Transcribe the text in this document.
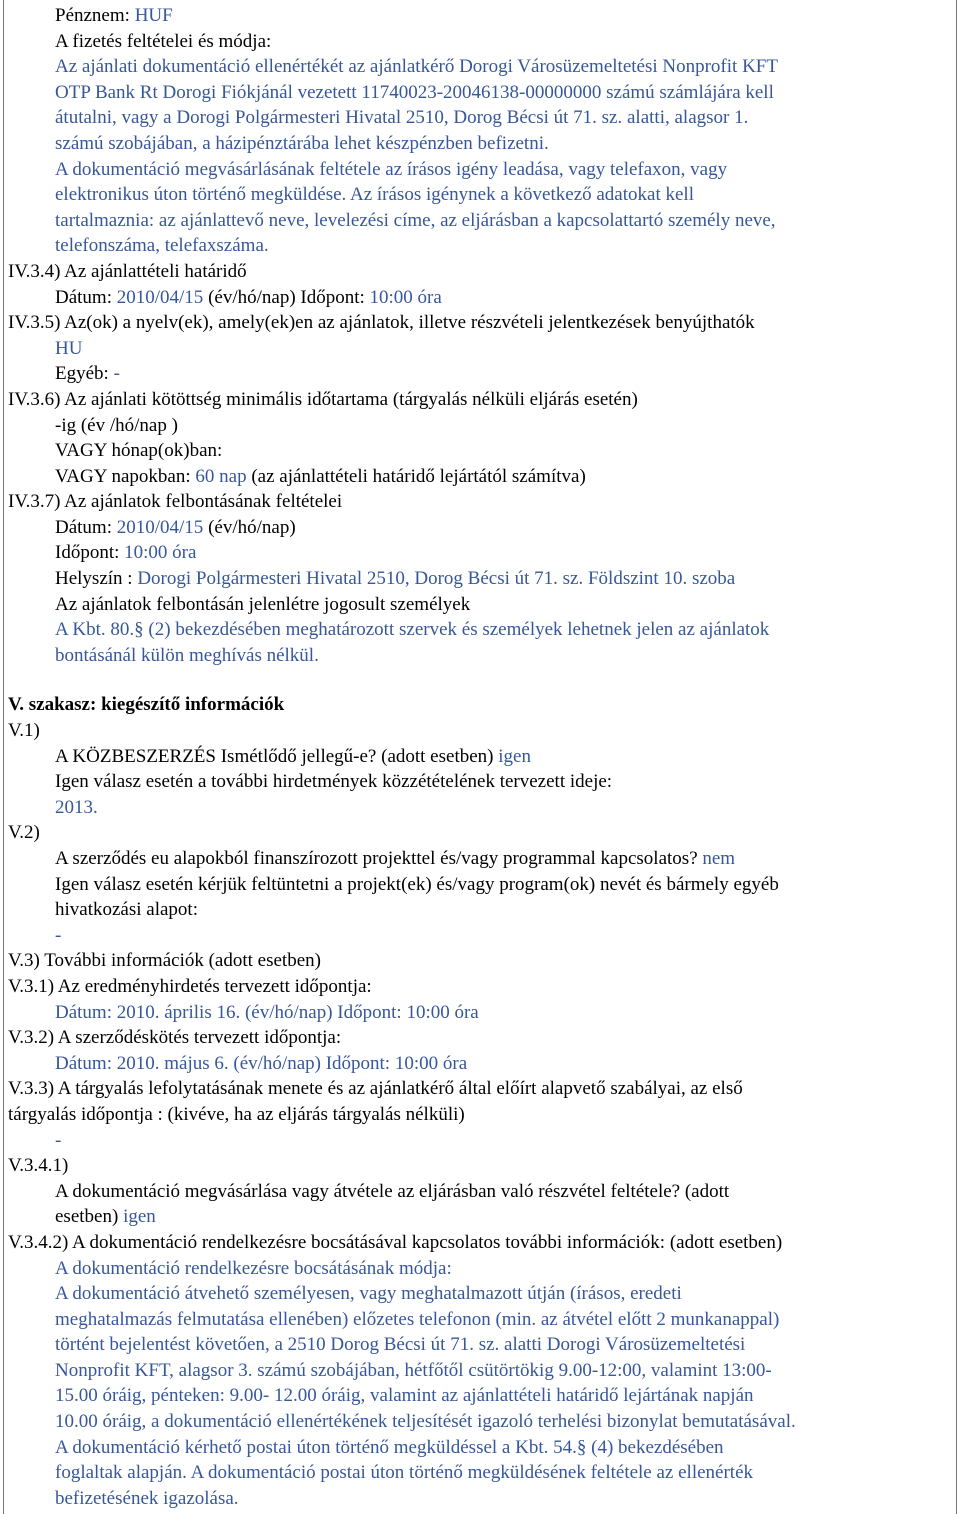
Pénznem: HUF

A fizetés feltételei és módja:

Az ajánlati dokumentáció ellenértékét az ajánlatkérő Dorogi Városüzemeltetési Nonprofit KFT

OTP Bank Rt Dorogi Fiókjánál vezetett 11740023-20046138-00000000 számú számlájára kell

átutalni, vagy a Dorogi Polgármesteri Hivatal 2510, Dorog Bécsi út 71. sz. alatti, alagsor 1.

számú szobájában, a házipénztárába lehet készpénzben befizetni.

A dokumentáció megvásárlásának feltétele az írásos igény leadása, vagy telefaxon, vagy

elektronikus úton történő megküldése. Az írásos igénynek a következő adatokat kell

tartalmaznia: az ajánlattevő neve, levelezési címe, az eljárásban a kapcsolattartó személy neve,

telefonszáma, telefaxszáma.

IV.3.4) Az ajánlattételi határidő

Dátum: 2010/04/15 (év/hó/nap) Időpont: 10:00 óra

IV.3.5) Az(ok) a nyelv(ek), amely(ek)en az ajánlatok, illetve részvételi jelentkezések benyújthatók

HU

Egyéb: -

IV.3.6) Az ajánlati kötöttség minimális időtartama (tárgyalás nélküli eljárás esetén)

-ig (év /hó/nap )

VAGY hónap(ok)ban:

VAGY napokban: 60 nap (az ajánlattételi határidő lejártától számítva)

IV.3.7) Az ajánlatok felbontásának feltételei

Dátum: 2010/04/15 (év/hó/nap)

Időpont: 10:00 óra

Helyszín : Dorogi Polgármesteri Hivatal 2510, Dorog Bécsi út 71. sz. Földszint 10. szoba

Az ajánlatok felbontásán jelenlétre jogosult személyek

A Kbt. 80.§ (2) bekezdésében meghatározott szervek és személyek lehetnek jelen az ajánlatok

bontásánál külön meghívás nélkül.

V. szakasz: kiegészítő információk

V.1)

A KÖZBESZERZÉS Ismétlődő jellegű-e? (adott esetben) igen

Igen válasz esetén a további hirdetmények közzétételének tervezett ideje:

2013.

V.2)

A szerződés eu alapokból finanszírozott projekttel és/vagy programmal kapcsolatos? nem

Igen válasz esetén kérjük feltüntetni a projekt(ek) és/vagy program(ok) nevét és bármely egyéb

hivatkozási alapot:

-

V.3) További információk (adott esetben)

V.3.1) Az eredményhirdetés tervezett időpontja:

Dátum: 2010. április 16. (év/hó/nap) Időpont: 10:00 óra

V.3.2) A szerződéskötés tervezett időpontja:

Dátum: 2010. május 6. (év/hó/nap) Időpont: 10:00 óra

V.3.3) A tárgyalás lefolytatásának menete és az ajánlatkérő által előírt alapvető szabályai, az első

tárgyalás időpontja : (kivéve, ha az eljárás tárgyalás nélküli)

-

V.3.4.1)

A dokumentáció megvásárlása vagy átvétele az eljárásban való részvétel feltétele? (adott

esetben) igen

V.3.4.2) A dokumentáció rendelkezésre bocsátásával kapcsolatos további információk: (adott esetben)

A dokumentáció rendelkezésre bocsátásának módja:

A dokumentáció átvehető személyesen, vagy meghatalmazott útján (írásos, eredeti

meghatalmazás felmutatása ellenében) előzetes telefonon (min. az átvétel előtt 2 munkanappal)

történt bejelentést követően, a 2510 Dorog Bécsi út 71. sz. alatti Dorogi Városüzemeltetési

Nonprofit KFT, alagsor 3. számú szobájában, hétfőtől csütörtökig 9.00-12:00, valamint 13:00-

15.00 óráig, pénteken: 9.00- 12.00 óráig, valamint az ajánlattételi határidő lejártának napján

10.00 óráig, a dokumentáció ellenértékének teljesítését igazoló terhelési bizonylat bemutatásával.

A dokumentáció kérhető postai úton történő megküldéssel a Kbt. 54.§ (4) bekezdésében

foglaltak alapján. A dokumentáció postai úton történő megküldésének feltétele az ellenérték

befizetésének igazolása.
